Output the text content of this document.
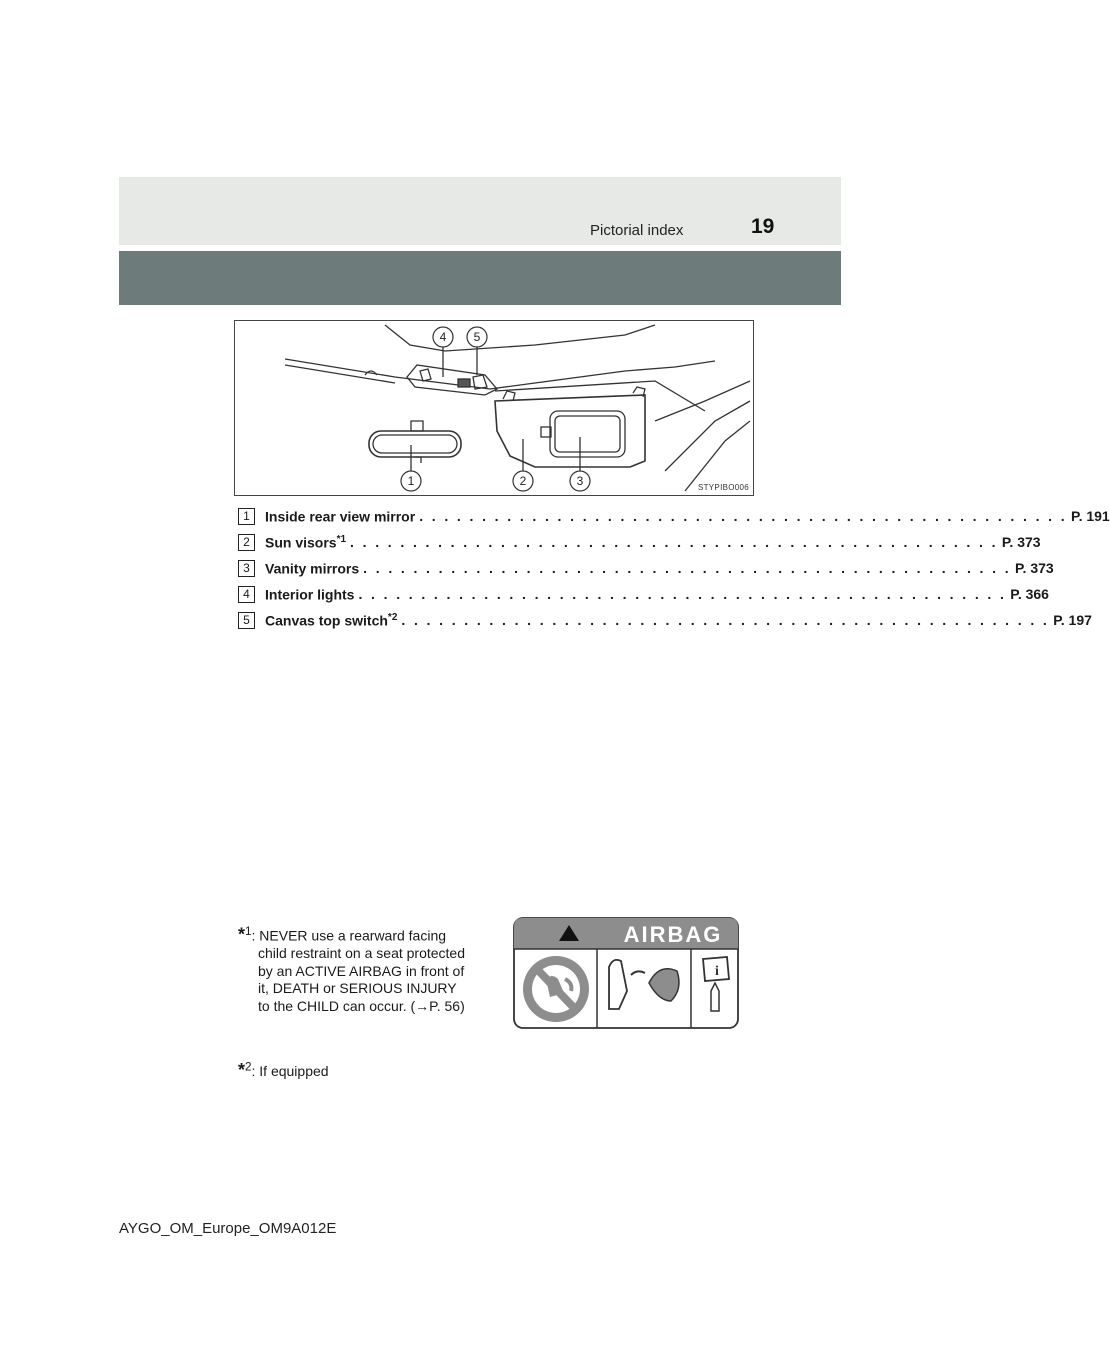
Pictorial index	19
4 5
1	2	3	STYPIBO006
1	Inside rear view mirror . . . . . . . . . . . . . . . . . . . . . . . . . . . . . . . . . . . . . . . . . . . . . . . . . . . . P. 191
2	Sun visors$^{*1}$ . . . . . . . . . . . . . . . . . . . . . . . . . . . . . . . . . . . . . . . . . . . . . . . . . . . . P. 373
3	Vanity mirrors . . . . . . . . . . . . . . . . . . . . . . . . . . . . . . . . . . . . . . . . . . . . . . . . . . . . P. 373
4	Interior lights . . . . . . . . . . . . . . . . . . . . . . . . . . . . . . . . . . . . . . . . . . . . . . . . . . . . P. 366
5	Canvas top switch$^{*2}$ . . . . . . . . . . . . . . . . . . . . . . . . . . . . . . . . . . . . . . . . . . . . . . . . . . . . P. 197
*$^1$: NEVER use a rearward facing
child restraint on a seat protected
by an ACTIVE AIRBAG in front of
it, DEATH or SERIOUS INJURY
to the CHILD can occur. (→P. 56)
AIRBAG
i
*$^2$: If equipped
AYGO_OM_Europe_OM9A012E
